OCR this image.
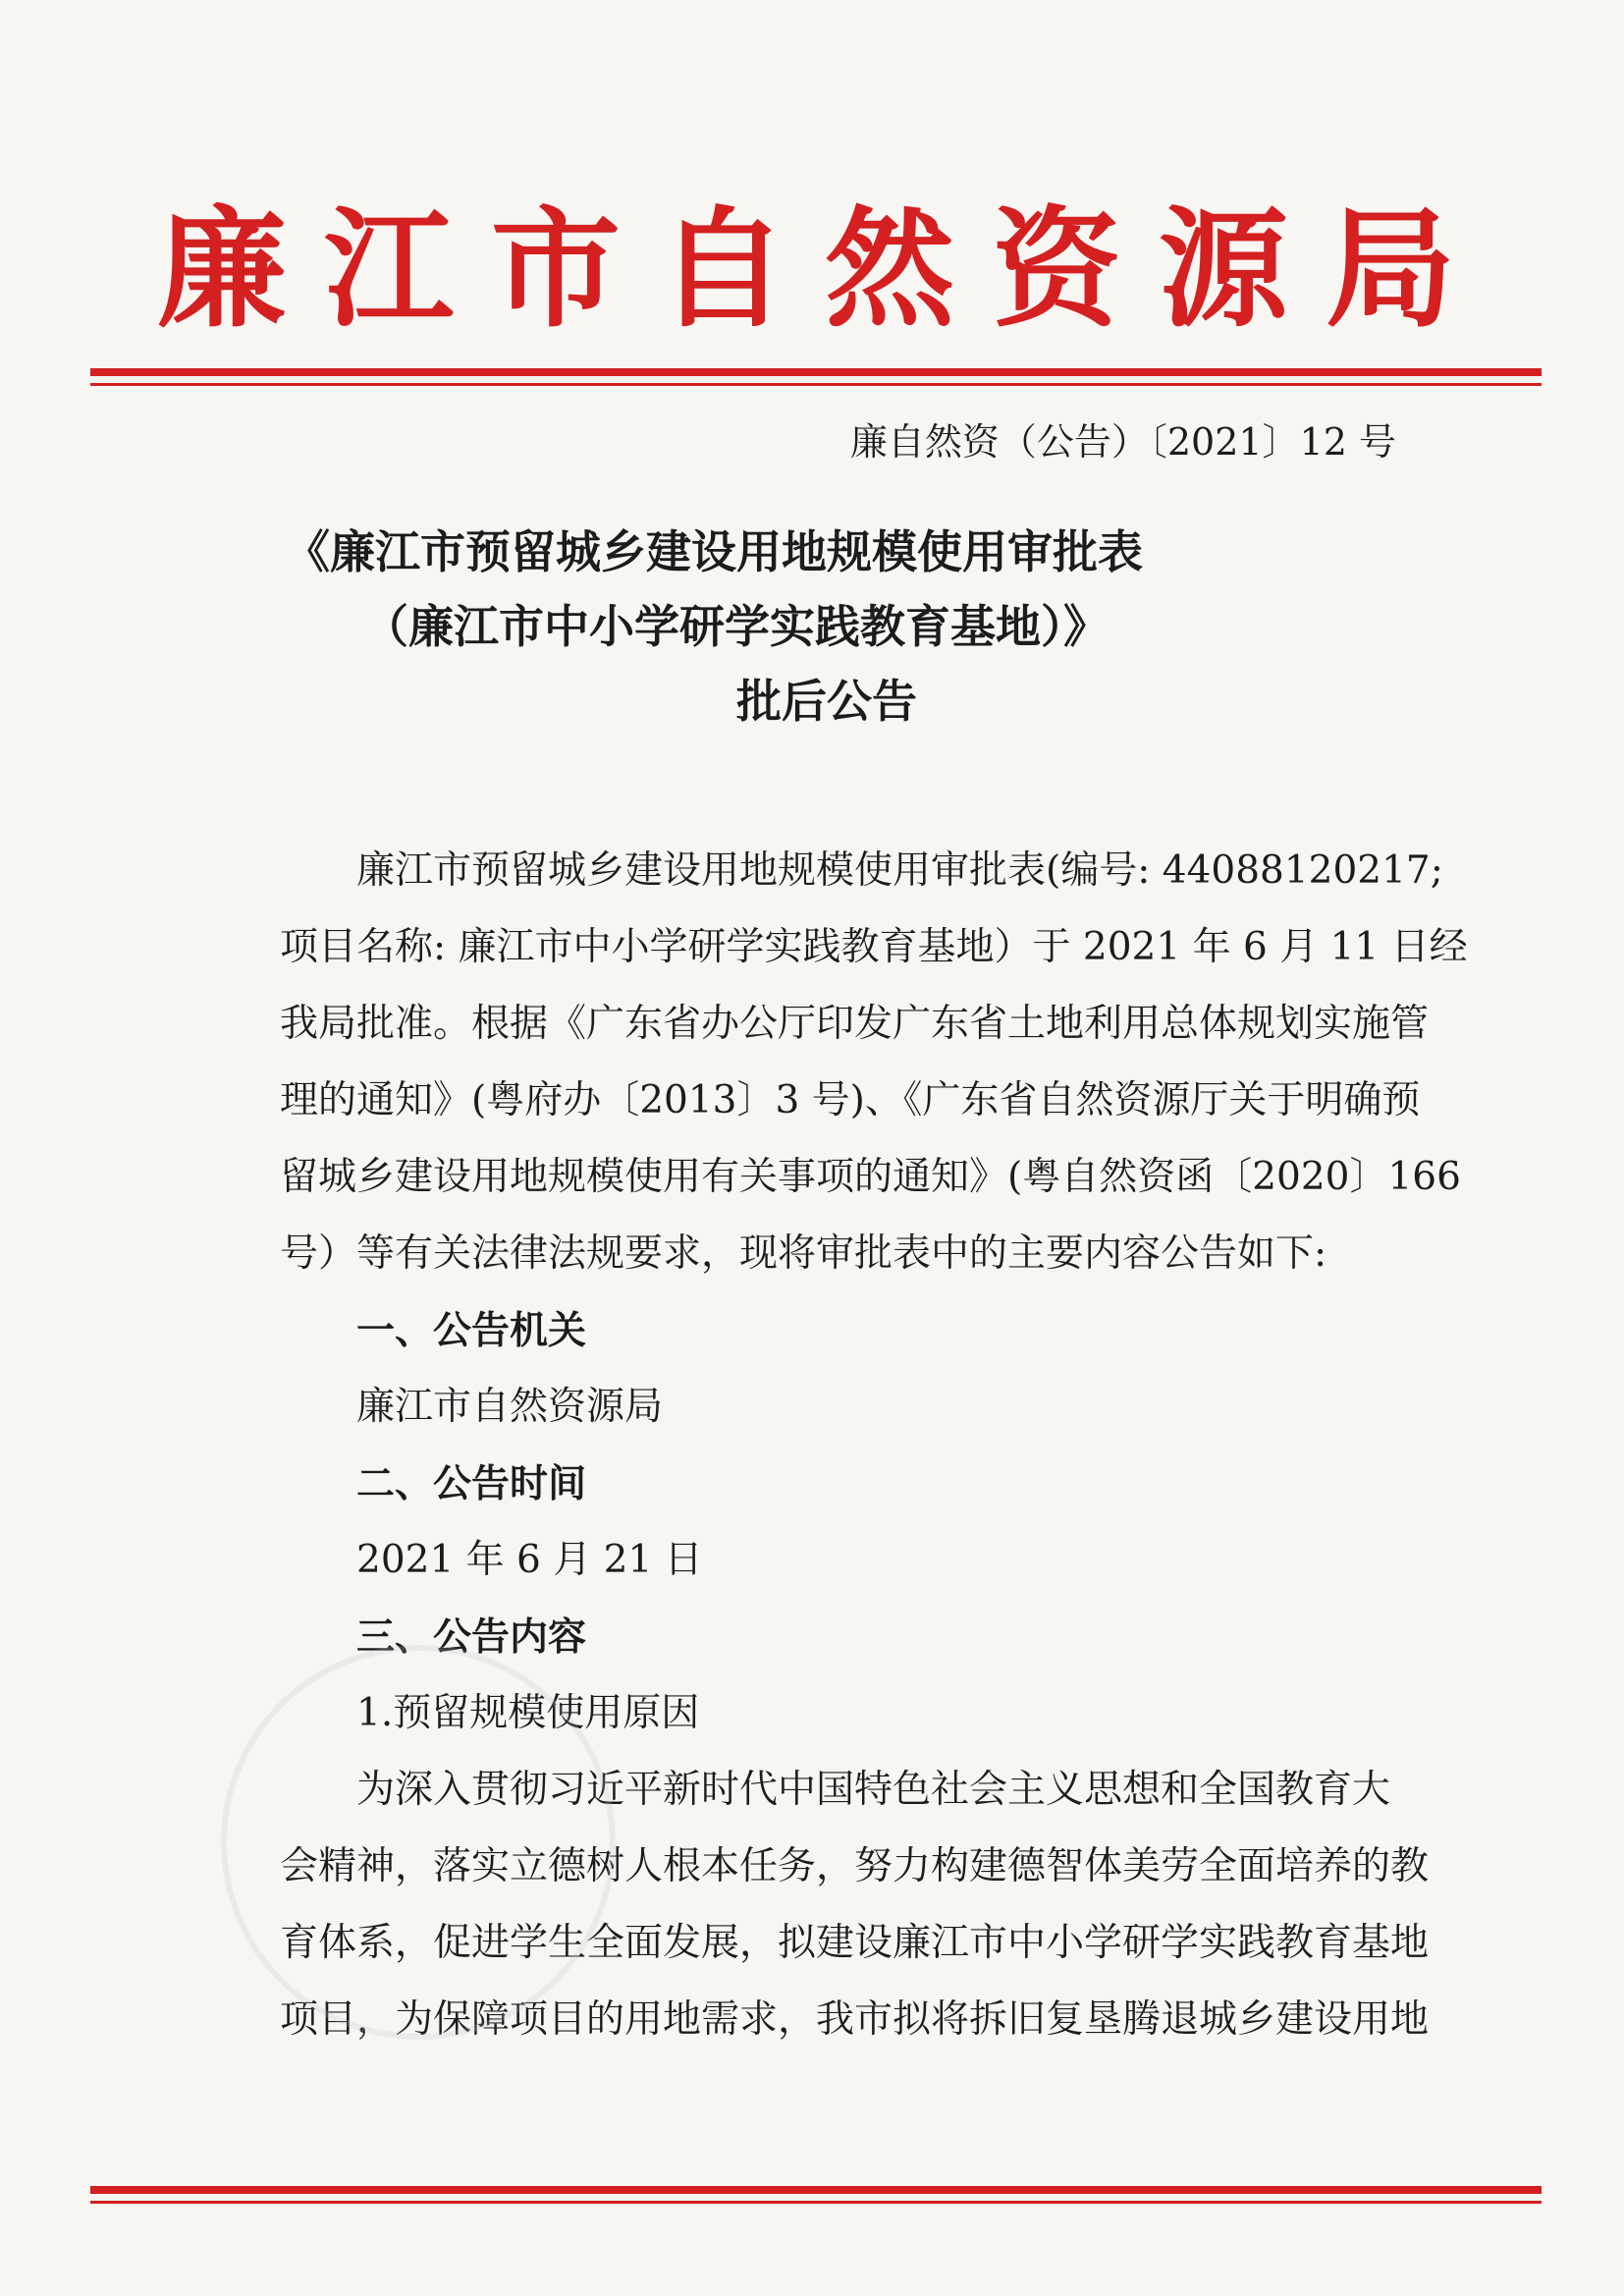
廉江市自然资源局
廉自然资（公告）〔2021〕12 号
《廉江市预留城乡建设用地规模使用审批表
（廉江市中小学研学实践教育基地）》
批后公告
廉江市预留城乡建设用地规模使用审批表(编号: 44088120217;
项目名称: 廉江市中小学研学实践教育基地）于 2021 年 6 月 11 日经
我局批准。根据《广东省办公厅印发广东省土地利用总体规划实施管
理的通知》(粤府办〔2013〕3 号)、《广东省自然资源厅关于明确预
留城乡建设用地规模使用有关事项的通知》(粤自然资函〔2020〕166
号）等有关法律法规要求，现将审批表中的主要内容公告如下:
一、公告机关
廉江市自然资源局
二、公告时间
2021 年 6 月 21 日
三、公告内容
1.预留规模使用原因
为深入贯彻习近平新时代中国特色社会主义思想和全国教育大
会精神，落实立德树人根本任务，努力构建德智体美劳全面培养的教
育体系，促进学生全面发展，拟建设廉江市中小学研学实践教育基地
项目，为保障项目的用地需求，我市拟将拆旧复垦腾退城乡建设用地
